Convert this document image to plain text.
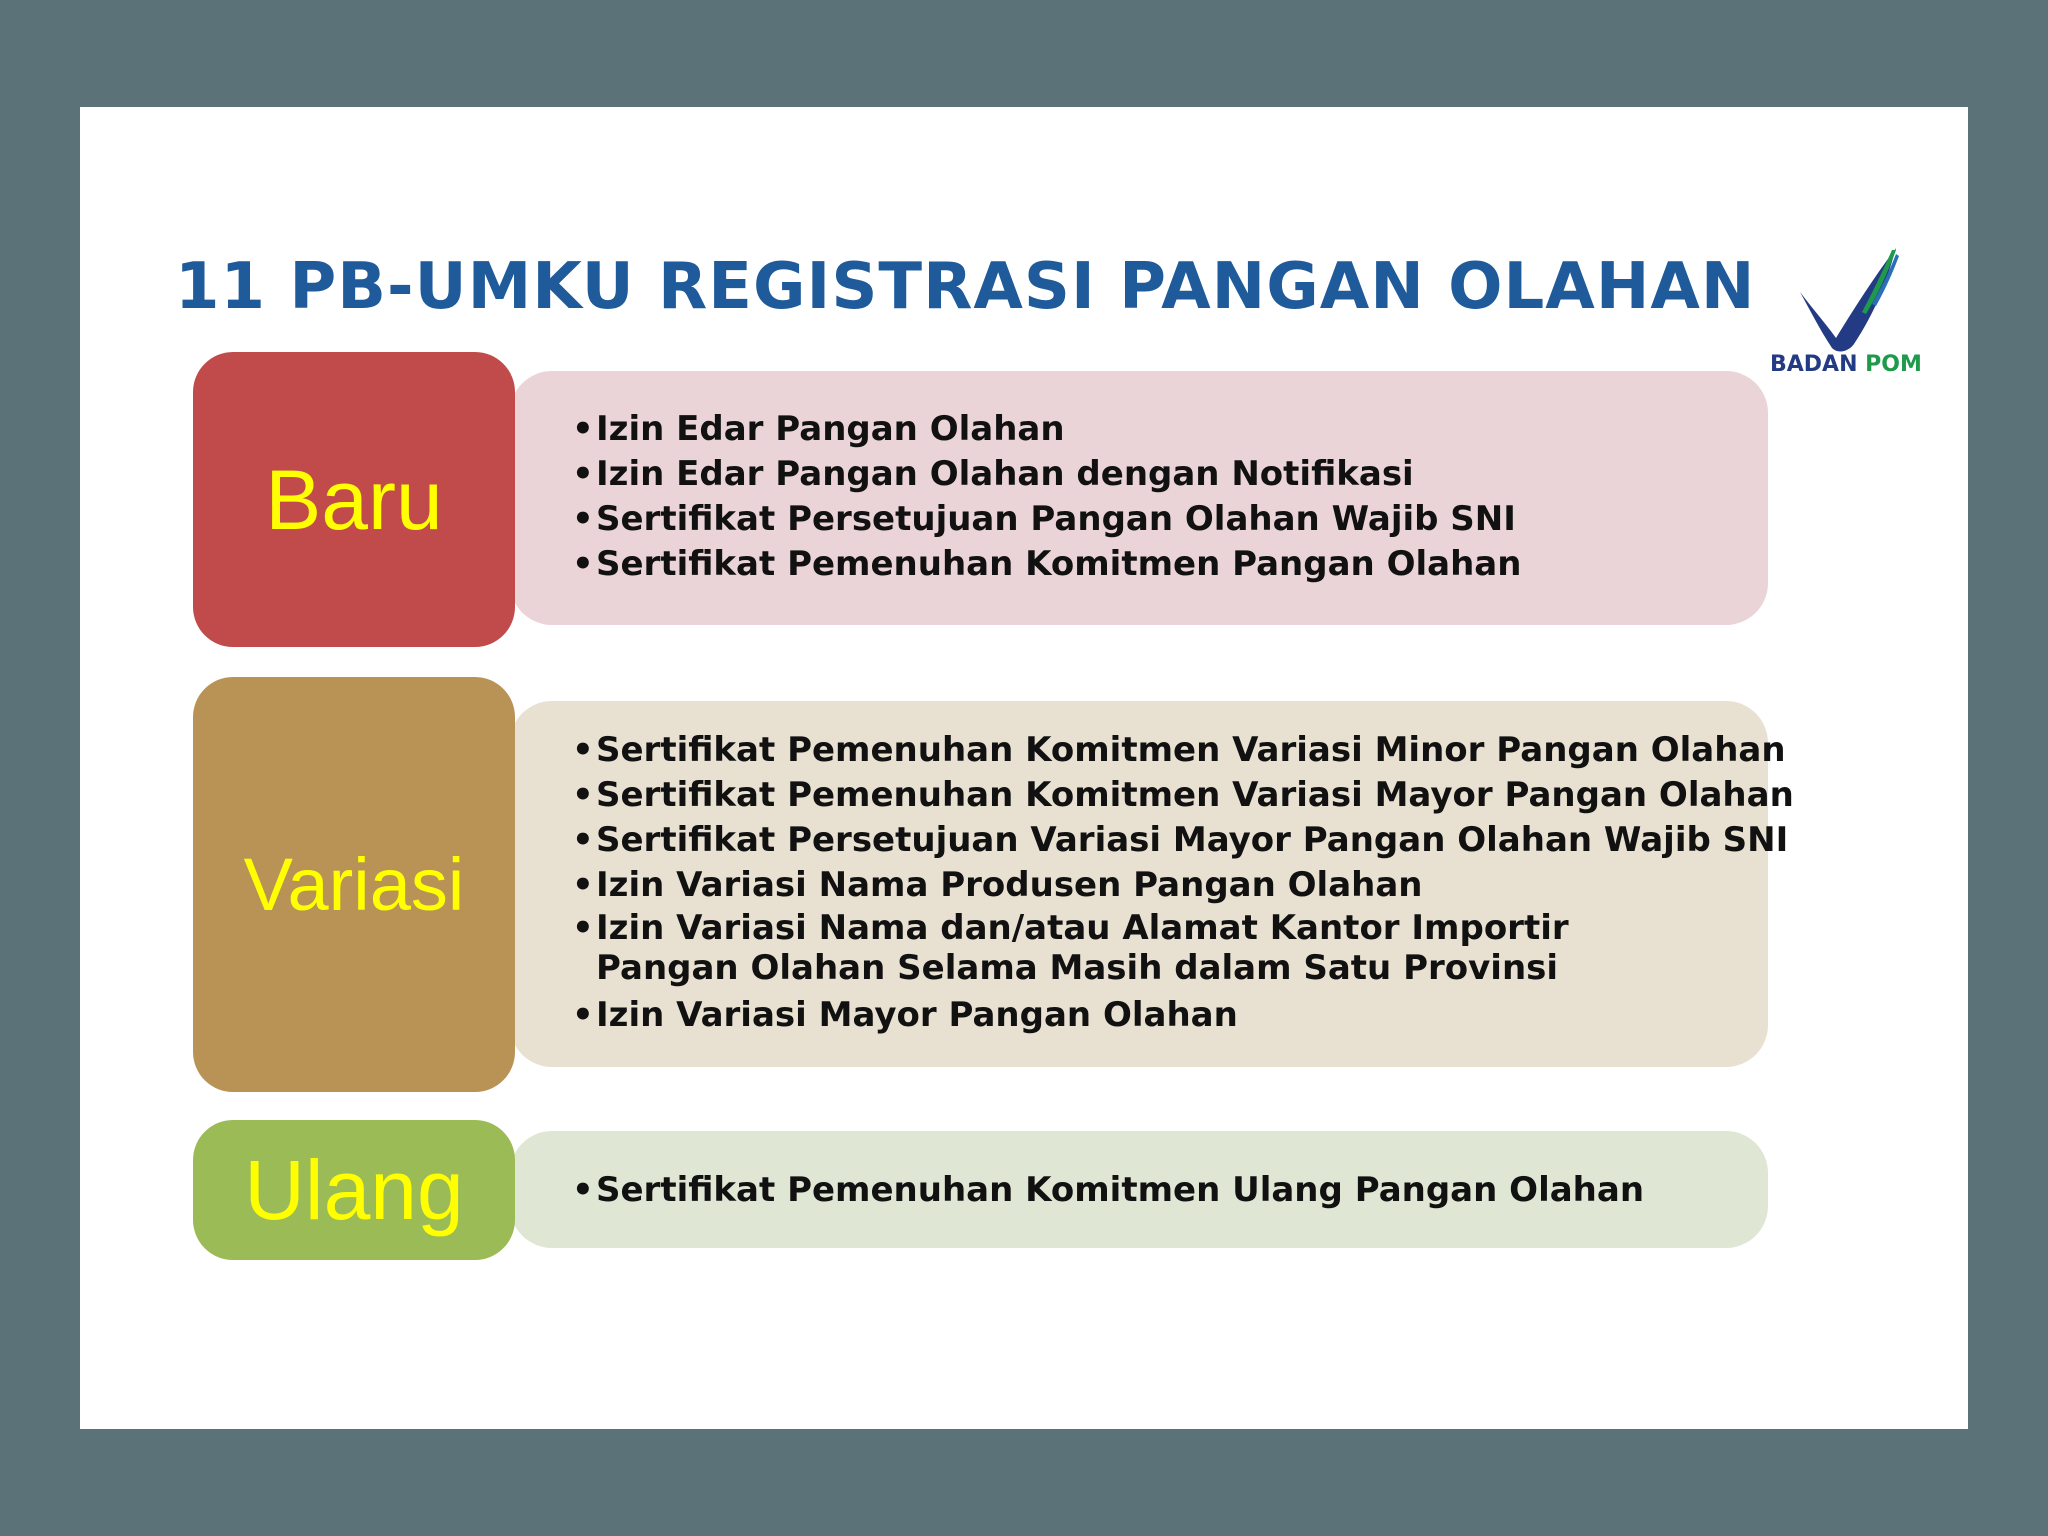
11 PB-UMKU REGISTRASI PANGAN OLAHAN
BADAN POM
Baru
• Izin Edar Pangan Olahan
• Izin Edar Pangan Olahan dengan Notifikasi
• Sertifikat Persetujuan Pangan Olahan Wajib SNI
• Sertifikat Pemenuhan Komitmen Pangan Olahan
Variasi
• Sertifikat Pemenuhan Komitmen Variasi Minor Pangan Olahan
• Sertifikat Pemenuhan Komitmen Variasi Mayor Pangan Olahan
• Sertifikat Persetujuan Variasi Mayor Pangan Olahan Wajib SNI
• Izin Variasi Nama Produsen Pangan Olahan
• Izin Variasi Nama dan/atau Alamat Kantor Importir Pangan Olahan Selama Masih dalam Satu Provinsi
• Izin Variasi Mayor Pangan Olahan
Ulang
•	Sertifikat Pemenuhan Komitmen Ulang Pangan Olahan
